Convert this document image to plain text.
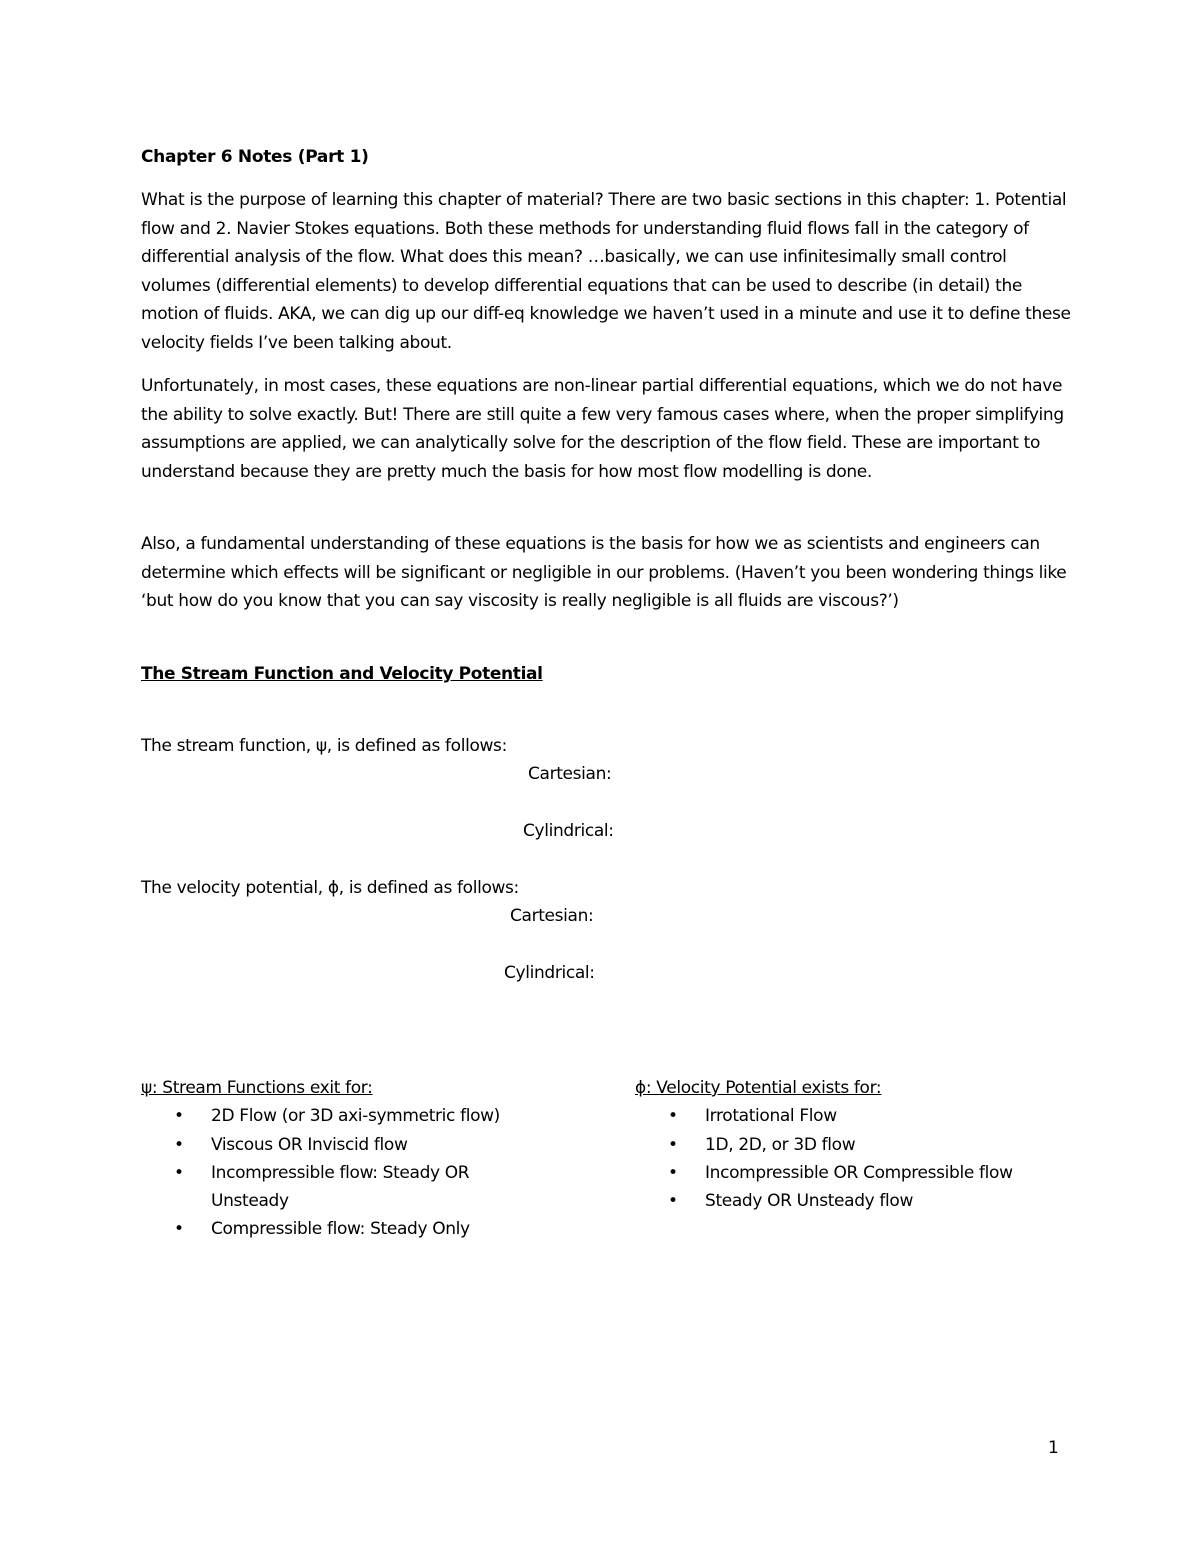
Chapter 6 Notes (Part 1)

What is the purpose of learning this chapter of material? There are two basic sections in this chapter: 1. Potential flow and 2. Navier Stokes equations. Both these methods for understanding fluid flows fall in the category of differential analysis of the flow. What does this mean? …basically, we can use infinitesimally small control volumes (differential elements) to develop differential equations that can be used to describe (in detail) the motion of fluids. AKA, we can dig up our diff-eq knowledge we haven’t used in a minute and use it to define these velocity fields I’ve been talking about.

Unfortunately, in most cases, these equations are non-linear partial differential equations, which we do not have the ability to solve exactly. But! There are still quite a few very famous cases where, when the proper simplifying assumptions are applied, we can analytically solve for the description of the flow field. These are important to understand because they are pretty much the basis for how most flow modelling is done.

Also, a fundamental understanding of these equations is the basis for how we as scientists and engineers can determine which effects will be significant or negligible in our problems. (Haven’t you been wondering things like ‘but how do you know that you can say viscosity is really negligible is all fluids are viscous?’)

The Stream Function and Velocity Potential
The stream function, ψ, is defined as follows:
Cartesian:
Cylindrical:
The velocity potential, ϕ, is defined as follows:
Cartesian:
Cylindrical:
ψ: Stream Functions exit for:
• 2D Flow (or 3D axi-symmetric flow)
• Viscous OR Inviscid flow
• Incompressible flow: Steady OR Unsteady
• Compressible flow: Steady Only
ϕ: Velocity Potential exists for:
• Irrotational Flow
• 1D, 2D, or 3D flow
• Incompressible OR Compressible flow
• Steady OR Unsteady flow
1
